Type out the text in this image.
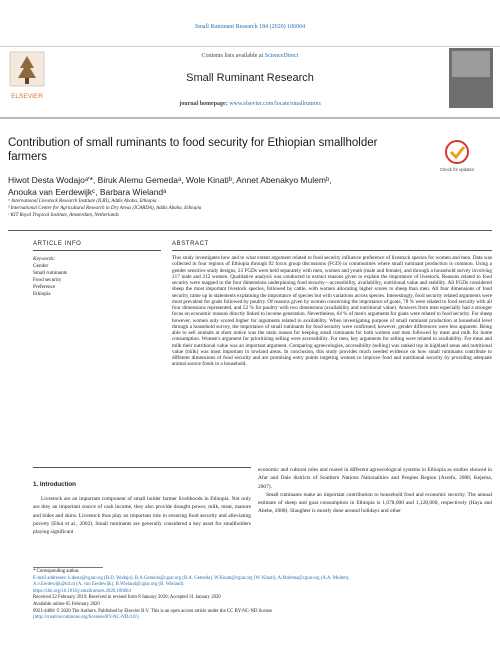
Small Ruminant Research 184 (2020) 106064
ELSEVIER
Contents lists available at ScienceDirect
Small Ruminant Research
journal homepage: www.elsevier.com/locate/smallrumres
Contribution of small ruminants to food security for Ethiopian smallholder farmers
Check for updates
Hiwot Desta Wodajoᵃ'*, Biruk Alemu Gemedaᵃ, Wole Kinatiᵇ, Annet Abenakyo Mulemᵇ,
Anouka van Eerdewijkᶜ, Barbara Wielandᵃ
ᵃ International Livestock Research Institute (ILRI), Addis Ababa, Ethiopia
ᵇ International Center for Agricultural Research in Dry Areas (ICARDA), Addis Ababa, Ethiopia
ᶜ KIT Royal Tropical Institute, Amsterdam, Netherlands
ARTICLE INFO	ABSTRACT
Keywords:
Gender
Small ruminants
Food security
Preference
Ethiopia
This study investigates how and to what extent argument related to food security influence preference of livestock species for women and men. Data was collected in four regions of Ethiopia through 92 focus group discussions (FGD) in communities where small ruminant production is common. Using a gender sensitive study designs, 23 FGDs were held separately with men, women and youth (male and female), and through a household survey involving 217 male and 212 women. Qualitative analysis was conducted to extract reasons given to explain the importance of livestock. Reasons related to food security were mapped to the four dimensions underpinning food security—accessibility, availability, nutritional value and stability. All FGDs considered sheep the most important livestock species, followed by cattle, with women allocating higher scores to sheep than men. All four dimensions of food security came up in statements explaining the importance of species but with variations across species. Interestingly, food security related arguments were most prevalent for goats followed by poultry. Of reasons given by women concerning the importance of goats, 78 % were related to food security with all four dimensions represented, and 52 % for poultry with two dimensions (availability and nutritional value). Answers from men especially had a stronger focus on economic reasons directly linked to income generation. Nevertheless, 64 % of men's arguments for goats were related to food security. For sheep however, women only scored higher for arguments related to availability. When investigating purpose of small ruminant production at household level through a household survey, the importance of small ruminants for food security were confirmed; however, gender differences were less apparent. Being able to sell animals at short notice was the main reason for keeping small ruminants for both women and men followed by meat and milk for home consumption. Women's argument for prioritizing selling were accessibility. For men, key arguments for selling were related to availability. For meat and milk their nutritional value was an important argument. Comparing agroecologies, accessibility (selling) was ranked top in highland areas and nutritional value (milk) was most important in lowland areas. In conclusion, this study provides much needed evidence on how small ruminants contribute to different dimensions of food security and are promising entry points targeting women to improve food and nutritional security by providing adequate animal source foods in a household.
1. Introduction

Livestock are an important component of small holder farmer livelihoods in Ethiopia. Not only are they an important source of cash income, they also provide draught power, milk, meat, manure and hides and skins. Livestock thus play an important role in ensuring food security and alleviating poverty (Ehui et al., 2002). Small ruminants are generally considered a key asset for smallholders playing significant

economic and cultural roles and reared in different agroecological systems in Ethiopia as studies showed in Afar and Dale districts of Southern Nations Nationalities and Peoples Region (Asrefu, 2008; Kejema, 2007).

Small ruminants make an important contribution to household food and economic security. The annual estimate of sheep and goat consumption in Ethiopia is 1,078,000 and 1,128,000, respectively (Haya and Abebe, 2008). Slaughter is mostly done around holidays and other

* Corresponding author.
E-mail addresses: h.desta@cgiar.org (H.D. Wodajo), B.A.Gemeda@cgiar.org (B.A. Gemeda), W.Kinati@cgiar.org (W. Kinati), A.Mulema@cgiar.org (A.A. Mulem),
A.v.Eerdewijk@kit.nl (A. van Eerdewijk), B.Wieland@cgiar.org (B. Wieland).
https://doi.org/10.1016/j.smallrumres.2020.106064
Received 22 February 2019; Received in revised form 8 January 2020; Accepted 31 January 2020
Available online 05 February 2020
0921-4488/ © 2020 The Authors. Published by Elsevier B.V. This is an open access article under the CC BY-NC-ND license
(http://creativecommons.org/licenses/BY-NC-ND/4.0/).
